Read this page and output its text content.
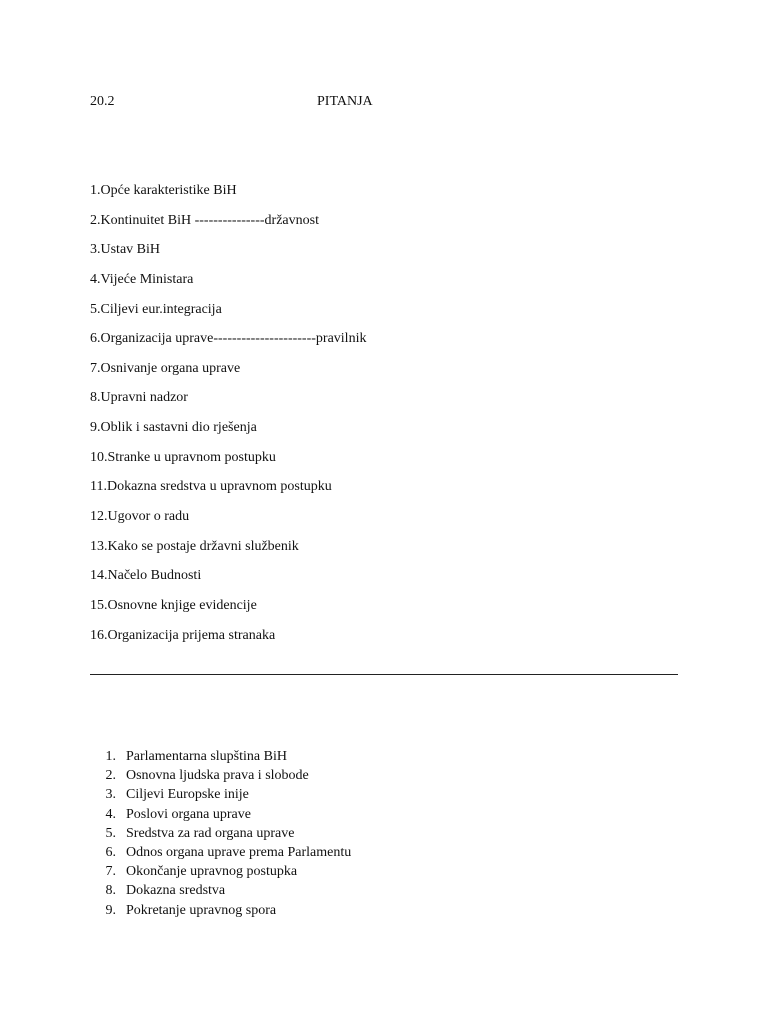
20.2	PITANJA
1.Opće karakteristike BiH
2.Kontinuitet BiH ---------------državnost
3.Ustav BiH
4.Vijeće Ministara
5.Ciljevi eur.integracija
6.Organizacija uprave----------------------pravilnik
7.Osnivanje organa uprave
8.Upravni nadzor
9.Oblik i sastavni dio rješenja
10.Stranke u upravnom postupku
11.Dokazna sredstva u upravnom postupku
12.Ugovor o radu
13.Kako se postaje državni službenik
14.Načelo Budnosti
15.Osnovne knjige evidencije
16.Organizacija prijema stranaka
1. Parlamentarna slupština BiH
2. Osnovna ljudska prava i slobode
3. Ciljevi Europske inije
4. Poslovi organa uprave
5. Sredstva za rad organa uprave
6. Odnos organa uprave prema Parlamentu
7. Okončanje upravnog postupka
8. Dokazna sredstva
9. Pokretanje upravnog spora
